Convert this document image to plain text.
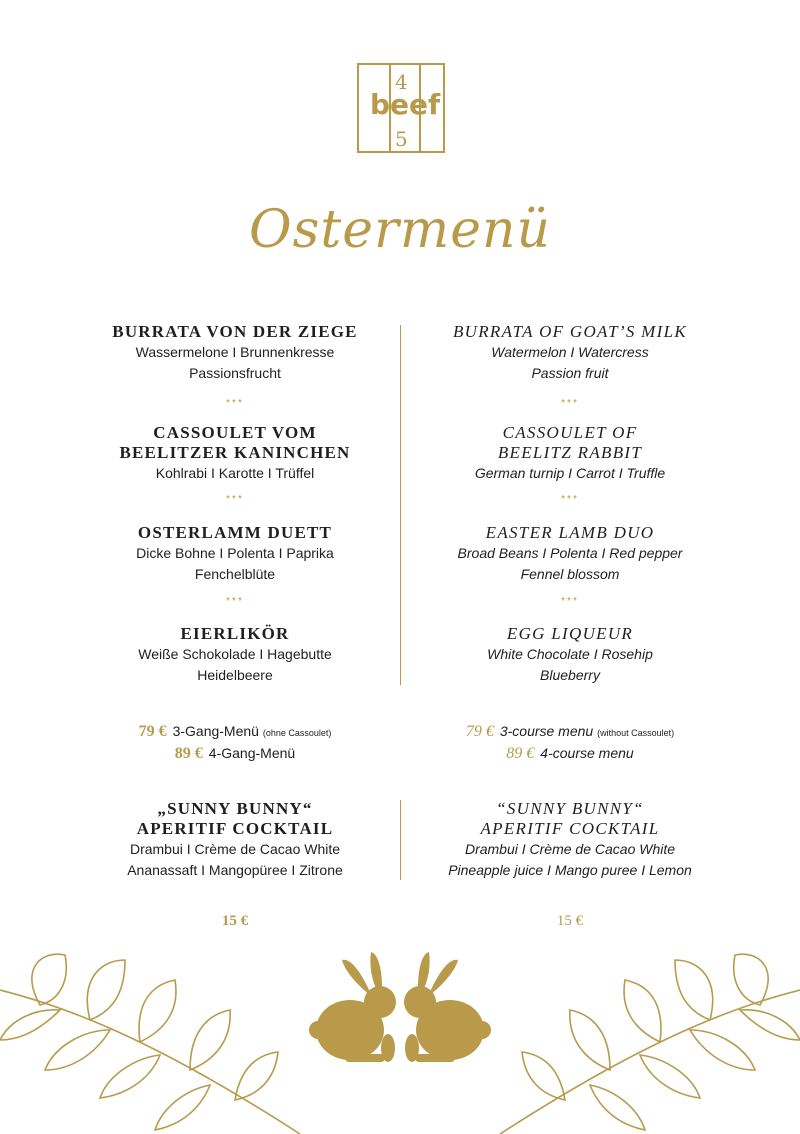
4
beef
5
Ostermenü
BURRATA VON DER ZIEGE
Wassermelone I Brunnenkresse
Passionsfrucht
***
CASSOULET VOM
BEELITZER KANINCHEN
Kohlrabi I Karotte I Trüffel
***
OSTERLAMM DUETT
Dicke Bohne I Polenta I Paprika
Fenchelblüte
***
EIERLIKÖR
Weiße Schokolade I Hagebutte
Heidelbeere
79 € 3-Gang-Menü (ohne Cassoulet)
89 € 4-Gang-Menü
„SUNNY BUNNY“
APERITIF COCKTAIL
Drambui I Crème de Cacao White
Ananassaft I Mangopüree I Zitrone
15 €
BURRATA OF GOAT’S MILK
Watermelon I Watercress
Passion fruit
***
CASSOULET OF
BEELITZ RABBIT
German turnip I Carrot I Truffle
***
EASTER LAMB DUO
Broad Beans I Polenta I Red pepper
Fennel blossom
***
EGG LIQUEUR
White Chocolate I Rosehip
Blueberry
79 € 3-course menu (without Cassoulet)
89 € 4-course menu
“SUNNY BUNNY“
APERITIF COCKTAIL
Drambui I Crème de Cacao White
Pineapple juice I Mango puree I Lemon
15 €
